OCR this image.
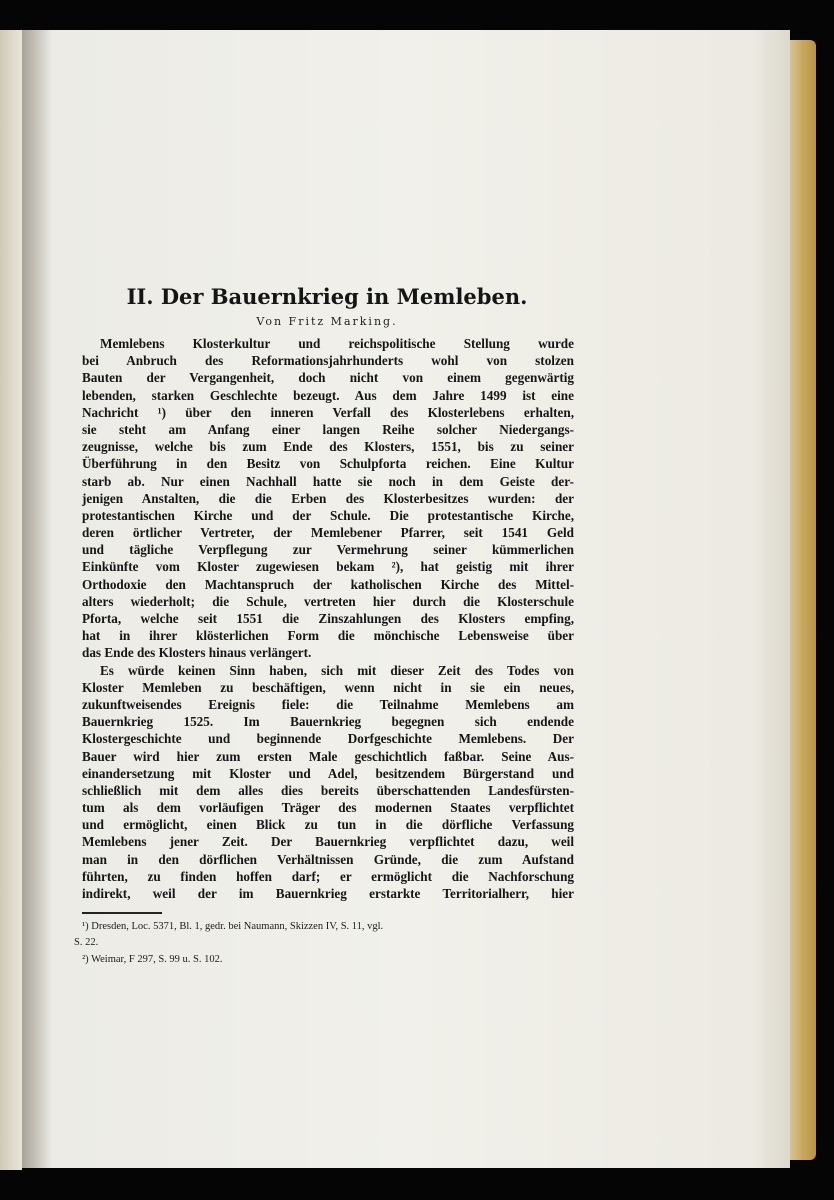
II. Der Bauernkrieg in Memleben.
Von Fritz Marking.
Memlebens Klosterkultur und reichspolitische Stellung wurde
bei Anbruch des Reformationsjahrhunderts wohl von stolzen
Bauten der Vergangenheit, doch nicht von einem gegenwärtig
lebenden, starken Geschlechte bezeugt. Aus dem Jahre 1499 ist eine
Nachricht ¹) über den inneren Verfall des Klosterlebens erhalten,
sie steht am Anfang einer langen Reihe solcher Niedergangs-
zeugnisse, welche bis zum Ende des Klosters, 1551, bis zu seiner
Überführung in den Besitz von Schulpforta reichen. Eine Kultur
starb ab. Nur einen Nachhall hatte sie noch in dem Geiste der-
jenigen Anstalten, die die Erben des Klosterbesitzes wurden: der
protestantischen Kirche und der Schule. Die protestantische Kirche,
deren örtlicher Vertreter, der Memlebener Pfarrer, seit 1541 Geld
und tägliche Verpflegung zur Vermehrung seiner kümmerlichen
Einkünfte vom Kloster zugewiesen bekam ²), hat geistig mit ihrer
Orthodoxie den Machtanspruch der katholischen Kirche des Mittel-
alters wiederholt; die Schule, vertreten hier durch die Klosterschule
Pforta, welche seit 1551 die Zinszahlungen des Klosters empfing,
hat in ihrer klösterlichen Form die mönchische Lebensweise über
das Ende des Klosters hinaus verlängert.
Es würde keinen Sinn haben, sich mit dieser Zeit des Todes von
Kloster Memleben zu beschäftigen, wenn nicht in sie ein neues,
zukunftweisendes Ereignis fiele: die Teilnahme Memlebens am
Bauernkrieg 1525. Im Bauernkrieg begegnen sich endende
Klostergeschichte und beginnende Dorfgeschichte Memlebens. Der
Bauer wird hier zum ersten Male geschichtlich faßbar. Seine Aus-
einandersetzung mit Kloster und Adel, besitzendem Bürgerstand und
schließlich mit dem alles dies bereits überschattenden Landesfürsten-
tum als dem vorläufigen Träger des modernen Staates verpflichtet
und ermöglicht, einen Blick zu tun in die dörfliche Verfassung
Memlebens jener Zeit. Der Bauernkrieg verpflichtet dazu, weil
man in den dörflichen Verhältnissen Gründe, die zum Aufstand
führten, zu finden hoffen darf; er ermöglicht die Nachforschung
indirekt, weil der im Bauernkrieg erstarkte Territorialherr, hier
¹) Dresden, Loc. 5371, Bl. 1, gedr. bei Naumann, Skizzen IV, S. 11, vgl.
S. 22.
²) Weimar, F 297, S. 99 u. S. 102.
